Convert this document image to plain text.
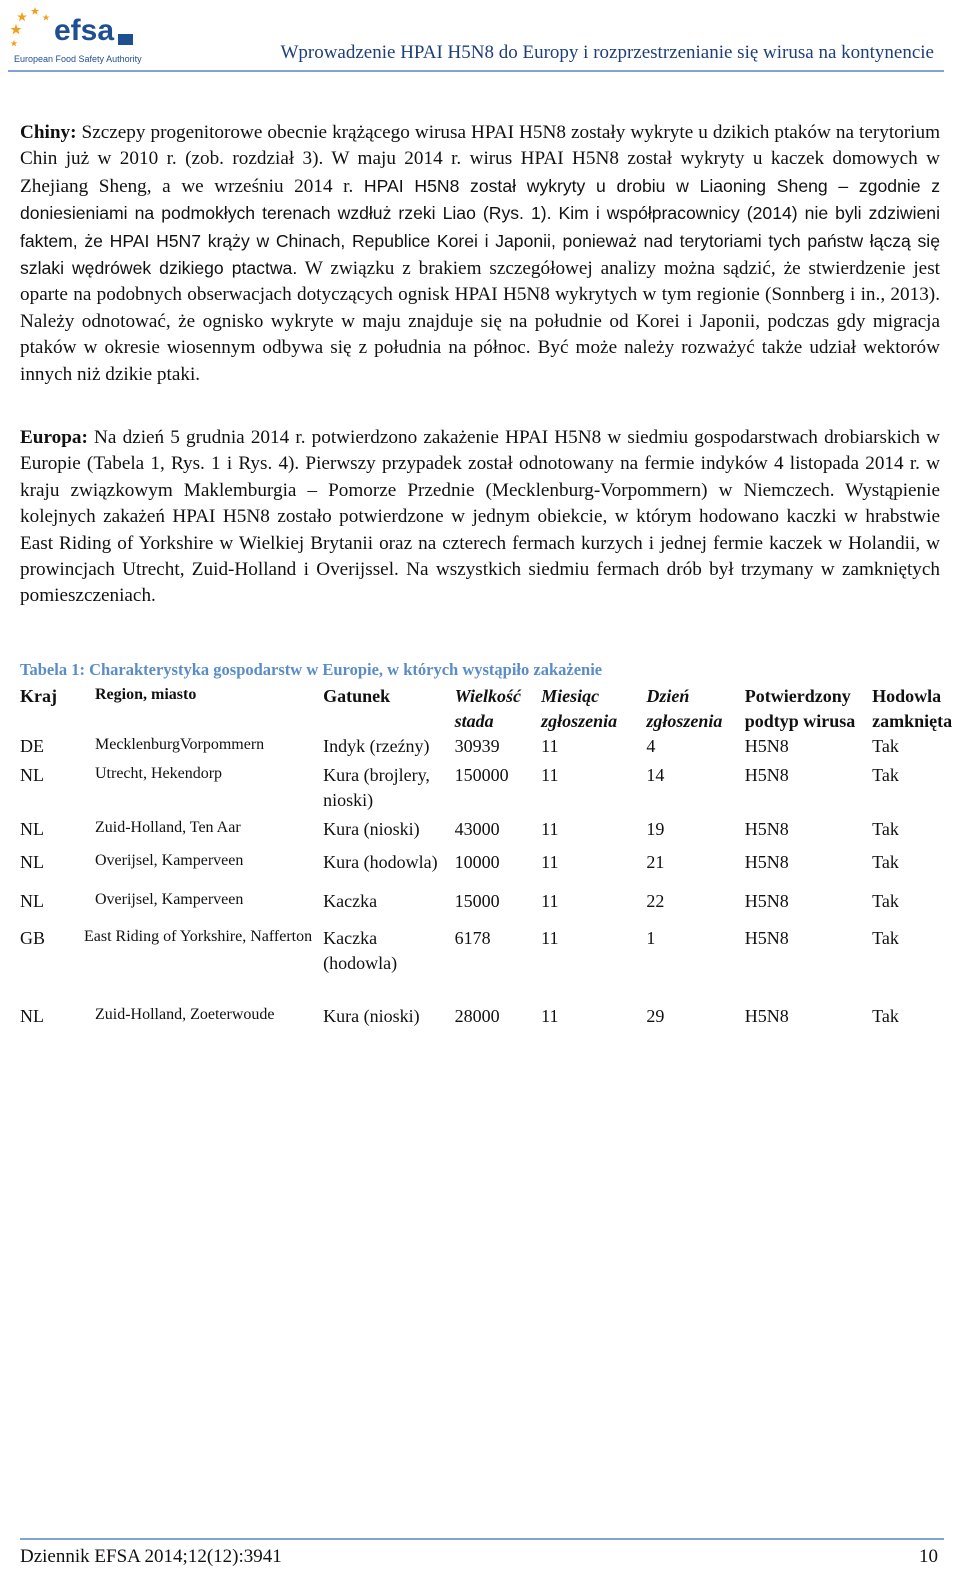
efsa
European Food Safety Authority	Wprowadzenie HPAI H5N8 do Europy i rozprzestrzenianie się wirusa na kontynencie

Chiny: Szczepy progenitorowe obecnie krążącego wirusa HPAI H5N8 zostały wykryte u dzikich ptaków na terytorium Chin już w 2010 r. (zob. rozdział 3). W maju 2014 r. wirus HPAI H5N8 został wykryty u kaczek domowych w Zhejiang Sheng, a we wrześniu 2014 r. HPAI H5N8 został wykryty u drobiu w Liaoning Sheng – zgodnie z doniesieniami na podmokłych terenach wzdłuż rzeki Liao (Rys. 1). Kim i współpracownicy (2014) nie byli zdziwieni faktem, że HPAI H5N7 krąży w Chinach, Republice Korei i Japonii, ponieważ nad terytoriami tych państw łączą się szlaki wędrówek dzikiego ptactwa. W związku z brakiem szczegółowej analizy można sądzić, że stwierdzenie jest oparte na podobnych obserwacjach dotyczących ognisk HPAI H5N8 wykrytych w tym regionie (Sonnberg i in., 2013). Należy odnotować, że ognisko wykryte w maju znajduje się na południe od Korei i Japonii, podczas gdy migracja ptaków w okresie wiosennym odbywa się z południa na północ. Być może należy rozważyć także udział wektorów innych niż dzikie ptaki.

Europa: Na dzień 5 grudnia 2014 r. potwierdzono zakażenie HPAI H5N8 w siedmiu gospodarstwach drobiarskich w Europie (Tabela 1, Rys. 1 i Rys. 4). Pierwszy przypadek został odnotowany na fermie indyków 4 listopada 2014 r. w kraju związkowym Maklemburgia – Pomorze Przednie (Mecklenburg-Vorpommern) w Niemczech. Wystąpienie kolejnych zakażeń HPAI H5N8 zostało potwierdzone w jednym obiekcie, w którym hodowano kaczki w hrabstwie East Riding of Yorkshire w Wielkiej Brytanii oraz na czterech fermach kurzych i jednej fermie kaczek w Holandii, w prowincjach Utrecht, Zuid-Holland i Overijssel. Na wszystkich siedmiu fermach drób był trzymany w zamkniętych pomieszczeniach.

Tabela 1: Charakterystyka gospodarstw w Europie, w których wystąpiło zakażenie
Kraj	Region, miasto	Gatunek	Wielkość stada	Miesiąc zgłoszenia	Dzień zgłoszenia	Potwierdzony podtyp wirusa	Hodowla zamknięta
DE	MecklenburgVorpommern	Indyk (rzeźny)	30939	11	4	H5N8	Tak
NL	Utrecht, Hekendorp	Kura (brojlery, nioski)	150000	11	14	H5N8	Tak
NL	Zuid-Holland, Ten Aar	Kura (nioski)	43000	11	19	H5N8	Tak
NL	Overijsel, Kamperveen	Kura (hodowla)	10000	11	21	H5N8	Tak
NL	Overijsel, Kamperveen	Kaczka	15000	11	22	H5N8	Tak
GB	East Riding of Yorkshire, Nafferton	Kaczka (hodowla)	6178	11	1	H5N8	Tak
NL	Zuid-Holland, Zoeterwoude	Kura (nioski)	28000	11	29	H5N8	Tak
Dziennik EFSA 2014;12(12):3941	10
